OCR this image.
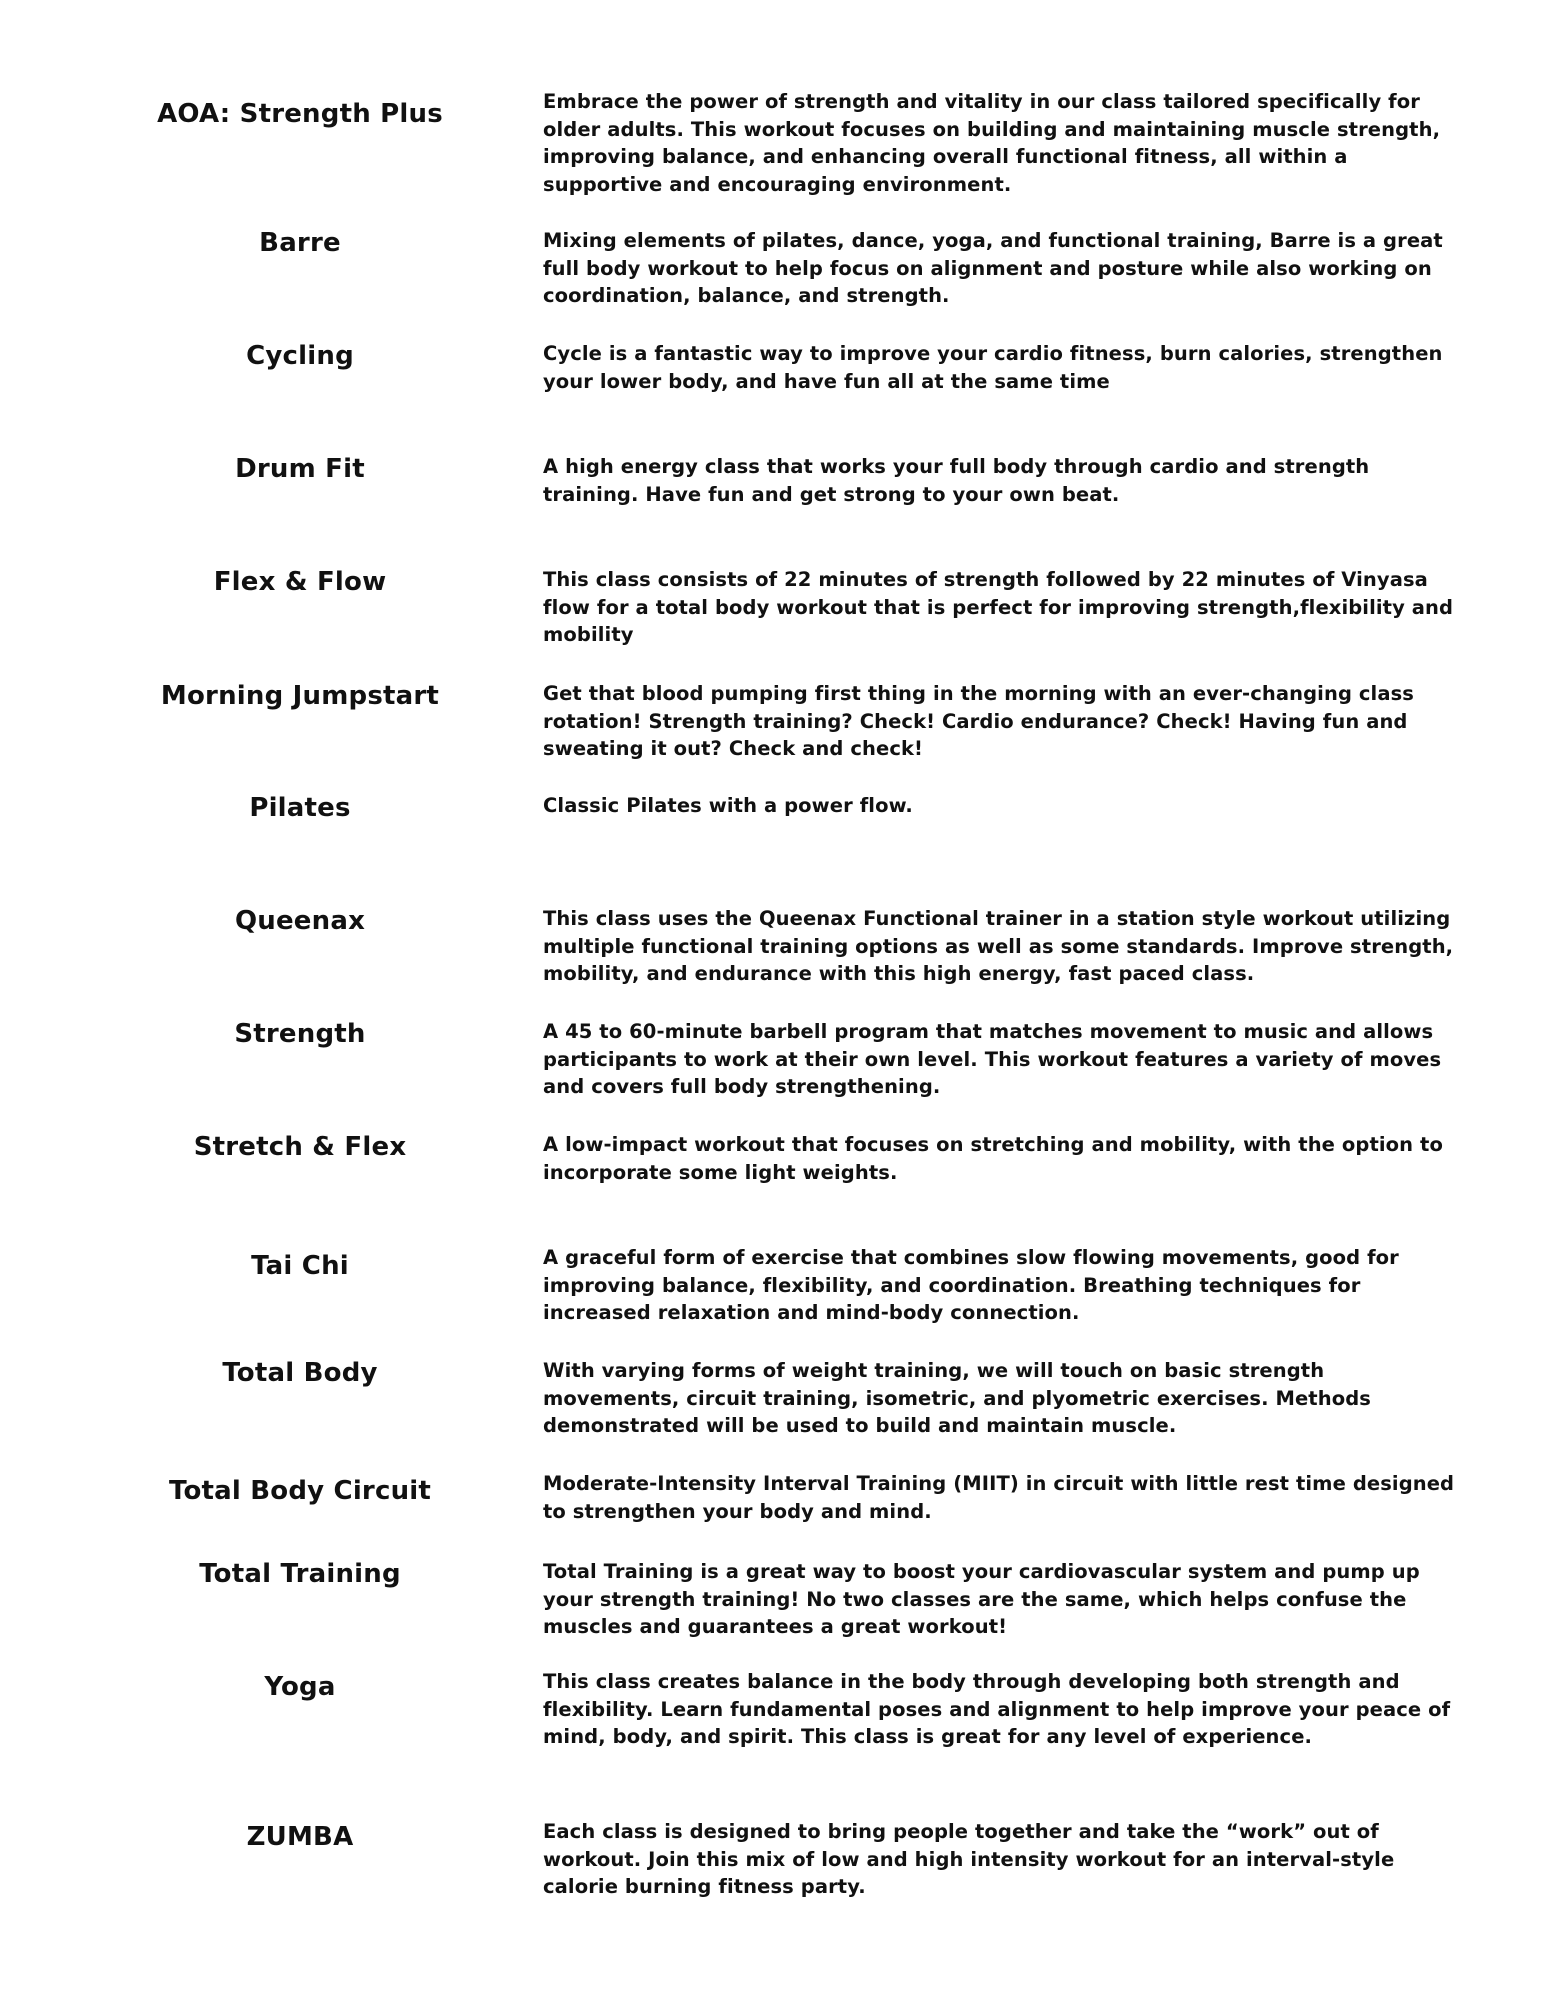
AOA: Strength Plus	Embrace the power of strength and vitality in our class tailored specifically for older adults. This workout focuses on building and maintaining muscle strength, improving balance, and enhancing overall functional fitness, all within a supportive and encouraging environment.
Barre	Mixing elements of pilates, dance, yoga, and functional training, Barre is a great full body workout to help focus on alignment and posture while also working on coordination, balance, and strength.
Cycling	Cycle is a fantastic way to improve your cardio fitness, burn calories, strengthen your lower body, and have fun all at the same time
Drum Fit	A high energy class that works your full body through cardio and strength training. Have fun and get strong to your own beat.
Flex & Flow	This class consists of 22 minutes of strength followed by 22 minutes of Vinyasa flow for a total body workout that is perfect for improving strength,flexibility and mobility
Morning Jumpstart	Get that blood pumping first thing in the morning with an ever-changing class rotation! Strength training? Check! Cardio endurance? Check! Having fun and sweating it out? Check and check!
Pilates	Classic Pilates with a power flow.
Queenax	This class uses the Queenax Functional trainer in a station style workout utilizing multiple functional training options as well as some standards. Improve strength, mobility, and endurance with this high energy, fast paced class.
Strength	A 45 to 60-minute barbell program that matches movement to music and allows participants to work at their own level. This workout features a variety of moves and covers full body strengthening.
Stretch & Flex	A low-impact workout that focuses on stretching and mobility, with the option to incorporate some light weights.
Tai Chi	A graceful form of exercise that combines slow flowing movements, good for improving balance, flexibility, and coordination. Breathing techniques for increased relaxation and mind-body connection.
Total Body	With varying forms of weight training, we will touch on basic strength movements, circuit training, isometric, and plyometric exercises. Methods demonstrated will be used to build and maintain muscle.
Total Body Circuit	Moderate-Intensity Interval Training (MIIT) in circuit with little rest time designed to strengthen your body and mind.
Total Training	Total Training is a great way to boost your cardiovascular system and pump up your strength training! No two classes are the same, which helps confuse the muscles and guarantees a great workout!
Yoga	This class creates balance in the body through developing both strength and flexibility. Learn fundamental poses and alignment to help improve your peace of mind, body, and spirit. This class is great for any level of experience.
ZUMBA	Each class is designed to bring people together and take the “work” out of workout. Join this mix of low and high intensity workout for an interval-style calorie burning fitness party.
